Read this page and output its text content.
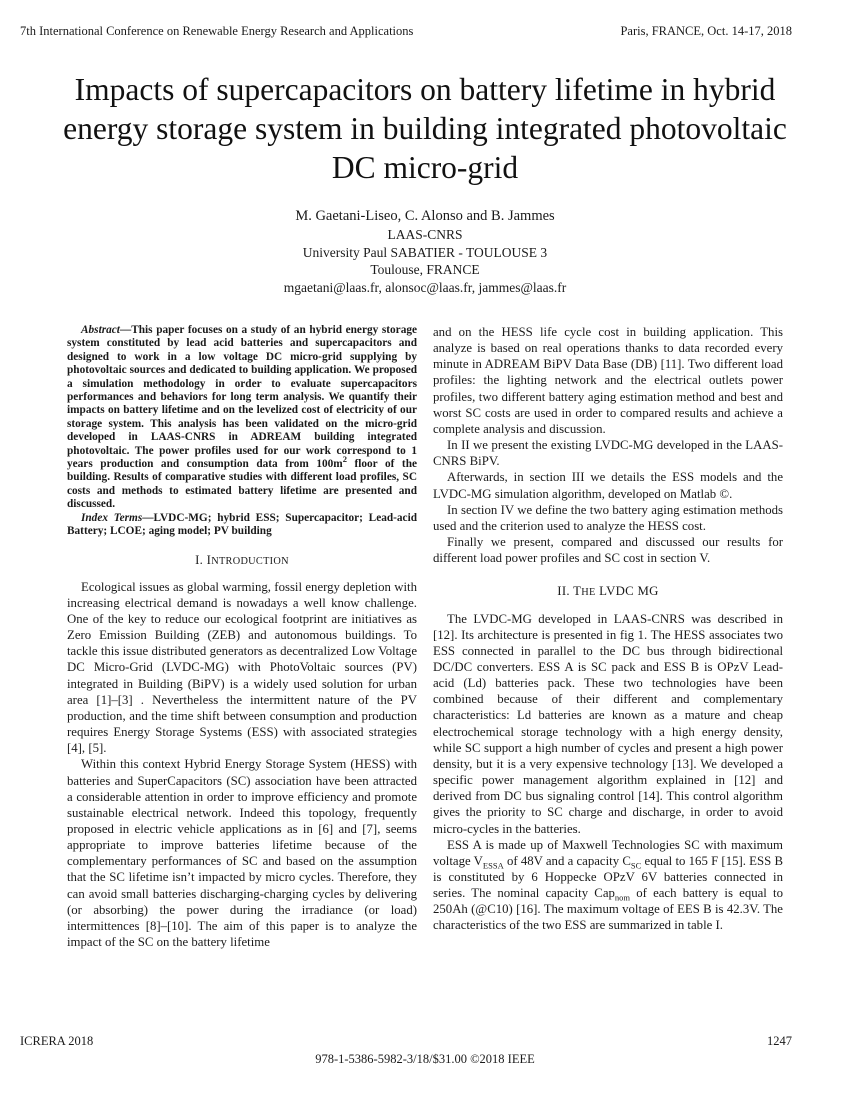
7th International Conference on Renewable Energy Research and Applications	Paris, FRANCE, Oct. 14-17, 2018
Impacts of supercapacitors on battery lifetime in hybrid energy storage system in building integrated photovoltaic DC micro-grid
M. Gaetani-Liseo, C. Alonso and B. Jammes
LAAS-CNRS
University Paul SABATIER - TOULOUSE 3
Toulouse, FRANCE
mgaetani@laas.fr, alonsoc@laas.fr, jammes@laas.fr

Abstract—This paper focuses on a study of an hybrid energy storage system constituted by lead acid batteries and supercapacitors and designed to work in a low voltage DC micro-grid supplying by photovoltaic sources and dedicated to building application. We proposed a simulation methodology in order to evaluate supercapacitors performances and behaviors for long term analysis. We quantify their impacts on battery lifetime and on the levelized cost of electricity of our storage system. This analysis has been validated on the micro-grid developed in LAAS-CNRS in ADREAM building integrated photovoltaic. The power profiles used for our work correspond to 1 years production and consumption data from $100m^2$ floor of the building. Results of comparative studies with different load profiles, SC costs and methods to estimated battery lifetime are presented and discussed.

Index Terms—LVDC-MG; hybrid ESS; Supercapacitor; Lead-acid Battery; LCOE; aging model; PV building

I. INTRODUCTION

Ecological issues as global warming, fossil energy depletion with increasing electrical demand is nowadays a well know challenge. One of the key to reduce our ecological footprint are initiatives as Zero Emission Building (ZEB) and autonomous buildings. To tackle this issue distributed generators as decentralized Low Voltage DC Micro-Grid (LVDC-MG) with PhotoVoltaic sources (PV) integrated in Building (BiPV) is a widely used solution for urban area [1]–[3] . Nevertheless the intermittent nature of the PV production, and the time shift between consumption and production requires Energy Storage Systems (ESS) with associated strategies [4], [5].

Within this context Hybrid Energy Storage System (HESS) with batteries and SuperCapacitors (SC) association have been attracted a considerable attention in order to improve efficiency and promote sustainable electrical network. Indeed this topology, frequently proposed in electric vehicle applications as in [6] and [7], seems appropriate to improve batteries lifetime because of the complementary performances of SC and based on the assumption that the SC lifetime isn’t impacted by micro cycles. Therefore, they can avoid small batteries discharging-charging cycles by delivering (or absorbing) the power during the irradiance (or load) intermittences [8]–[10]. The aim of this paper is to analyze the impact of the SC on the battery lifetime

and on the HESS life cycle cost in building application. This analyze is based on real operations thanks to data recorded every minute in ADREAM BiPV Data Base (DB) [11]. Two different load profiles: the lighting network and the electrical outlets power profiles, two different battery aging estimation method and best and worst SC costs are used in order to compared results and achieve a complete analysis and discussion.

In II we present the existing LVDC-MG developed in the LAAS-CNRS BiPV.

Afterwards, in section III we details the ESS models and the LVDC-MG simulation algorithm, developed on Matlab ©.

In section IV we define the two battery aging estimation methods used and the criterion used to analyze the HESS cost.

Finally we present, compared and discussed our results for different load power profiles and SC cost in section V.

II. THE LVDC MG

The LVDC-MG developed in LAAS-CNRS was described in [12]. Its architecture is presented in fig 1. The HESS associates two ESS connected in parallel to the DC bus through bidirectional DC/DC converters. ESS A is SC pack and ESS B is OPzV Lead-acid (Ld) batteries pack. These two technologies have been combined because of their different and complementary characteristics: Ld batteries are known as a mature and cheap electrochemical storage technology with a high energy density, while SC support a high number of cycles and present a high power density, but it is a very expensive technology [13]. We developed a specific power management algorithm explained in [12] and derived from DC bus signaling control [14]. This control algorithm gives the priority to SC charge and discharge, in order to avoid micro-cycles in the batteries.

ESS A is made up of Maxwell Technologies SC with maximum voltage $V_{ESSA}$ of 48V and a capacity $C_{SC}$ equal to 165 F [15]. ESS B is constituted by 6 Hoppecke OPzV 6V batteries connected in series. The nominal capacity Cap$_{nom}$ of each battery is equal to 250Ah (@C10) [16]. The maximum voltage of EES B is 42.3V. The characteristics of the two ESS are summarized in table I.

ICRERA 2018	1247
978-1-5386-5982-3/18/$31.00 ©2018 IEEE
